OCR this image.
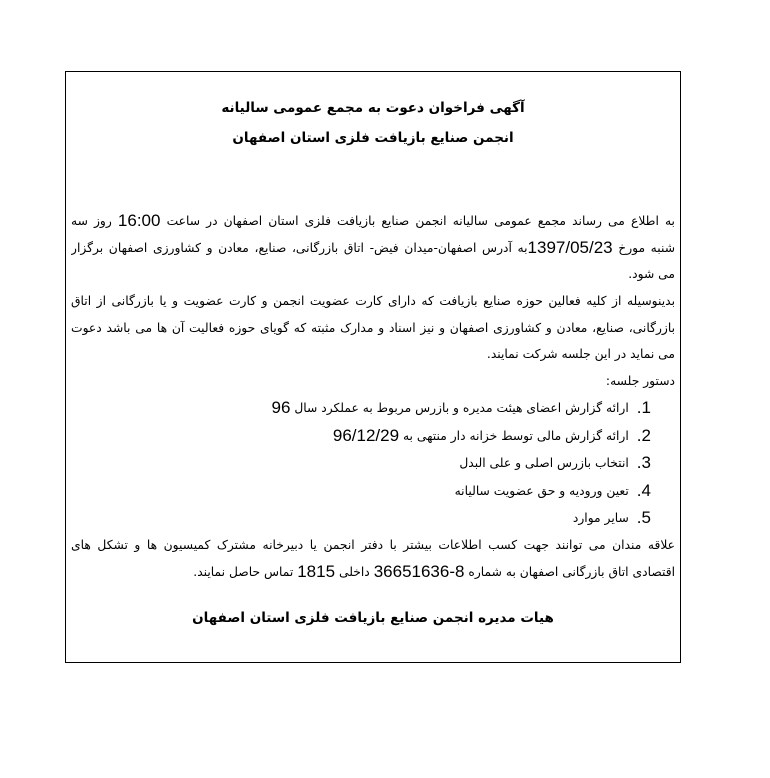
آگهی فراخوان دعوت به مجمع عمومی سالیانه
انجمن صنایع بازیافت فلزی استان اصفهان
به اطلاع می رساند مجمع عمومی سالیانه انجمن صنایع بازیافت فلزی استان اصفهان در ساعت 16:00 روز سه
شنبه مورخ 1397/05/23به آدرس اصفهان-میدان فیض- اتاق بازرگانی، صنایع، معادن و کشاورزی اصفهان برگزار
می شود.
بدینوسیله از کلیه فعالین حوزه صنایع بازیافت که دارای کارت عضویت انجمن و کارت عضویت و یا بازرگانی از اتاق
بازرگانی، صنایع، معادن و کشاورزی اصفهان و نیز اسناد و مدارک مثبته که گویای حوزه فعالیت آن ها می باشد دعوت
می نماید در این جلسه شرکت نمایند.
دستور جلسه:
1.
ارائه گزارش اعضای هیئت مدیره و بازرس مربوط به عملکرد سال

96
2.
ارائه گزارش مالی توسط خزانه دار منتهی به

96/12/29
3.
انتخاب بازرس اصلی و علی البدل
4.
تعین ورودیه و حق عضویت سالیانه
5.
سایر موارد
علاقه مندان می توانند جهت کسب اطلاعات بیشتر با دفتر انجمن یا دبیرخانه مشترک کمیسیون ها و تشکل های
اقتصادی اتاق بازرگانی اصفهان به شماره 8-36651636 داخلی 1815 تماس حاصل نمایند.
هیات مدیره انجمن صنایع بازیافت فلزی استان اصفهان
